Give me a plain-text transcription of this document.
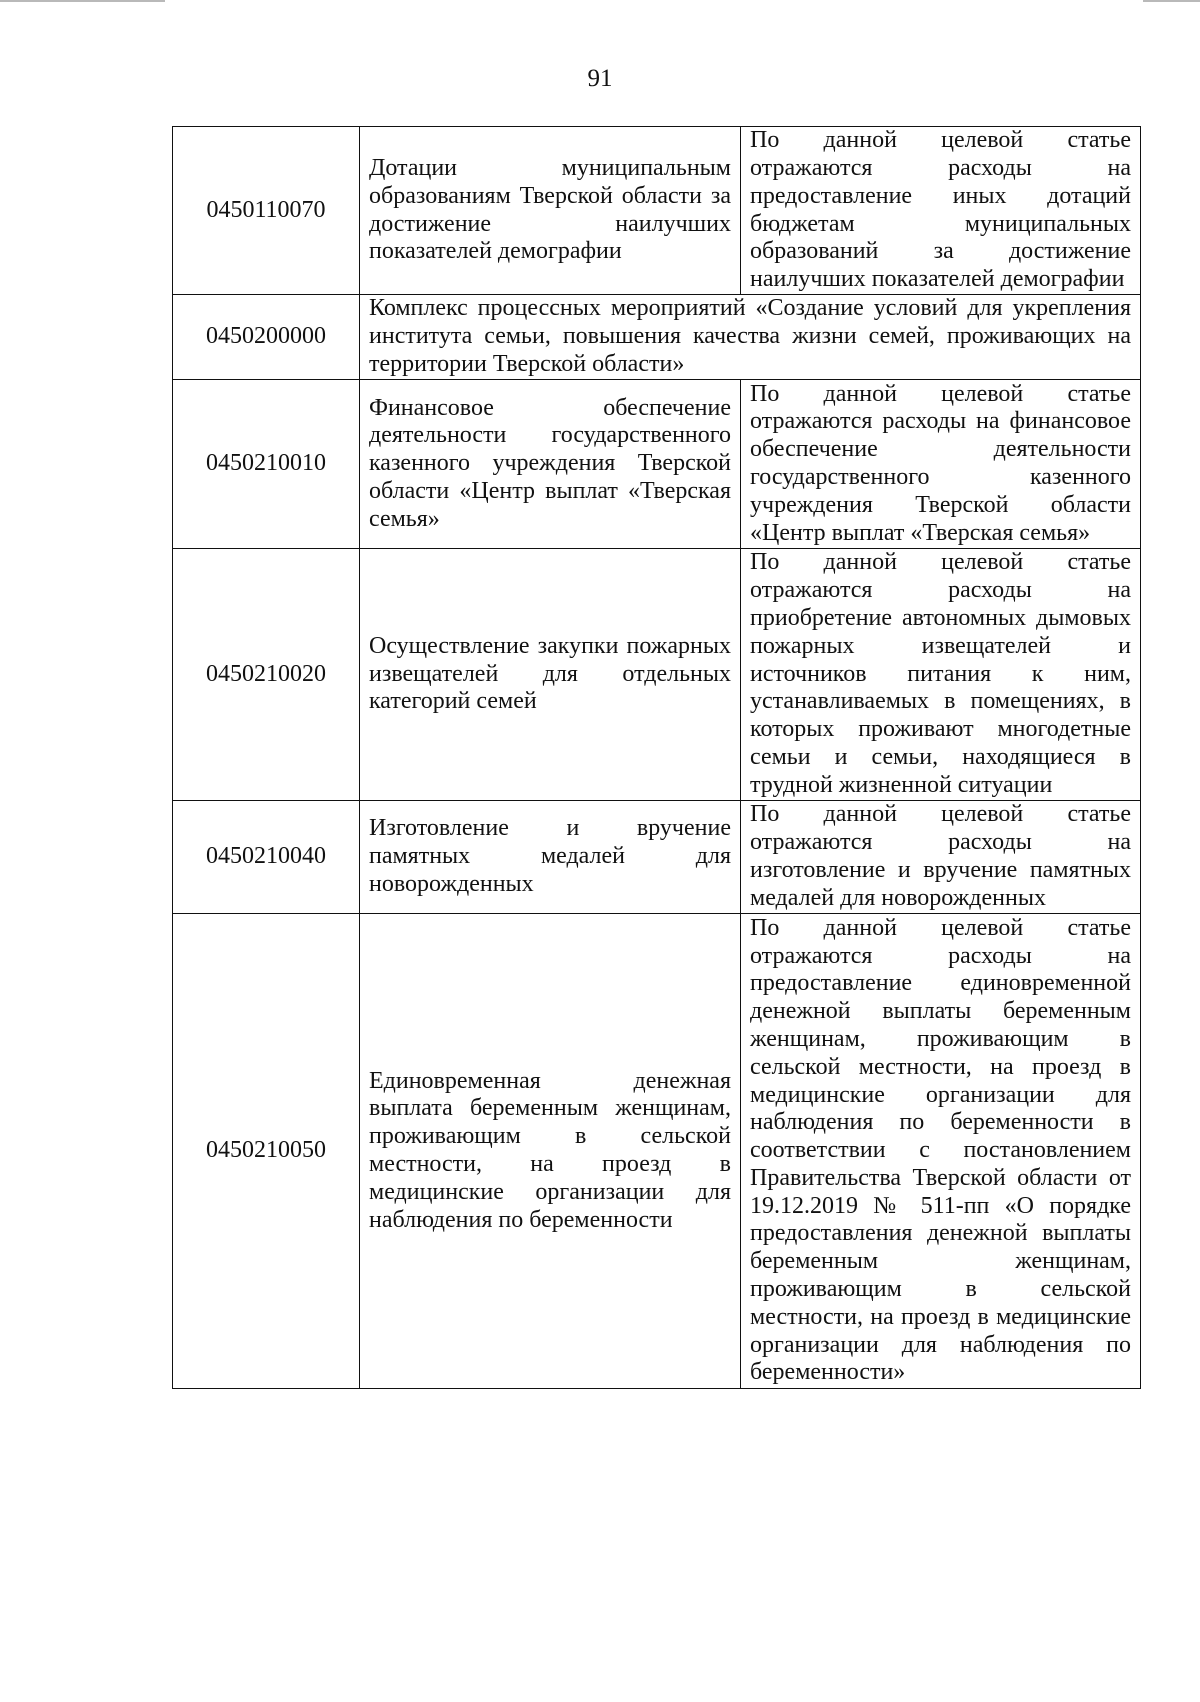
91
0450110070	Дотации муниципальным образованиям Тверской области за достижение наилучших показателей демографии	По данной целевой статье отражаются расходы на предоставление иных дотаций бюджетам муниципальных образований за достижение наилучших показателей демографии
0450200000	Комплекс процессных мероприятий «Создание условий для укрепления института семьи, повышения качества жизни семей, проживающих на территории Тверской области»	
0450210010	Финансовое обеспечение деятельности государственного казенного учреждения Тверской области «Центр выплат «Тверская семья»	По данной целевой статье отражаются расходы на финансовое обеспечение деятельности государственного казенного учреждения Тверской области «Центр выплат «Тверская семья»
0450210020	Осуществление закупки пожарных извещателей для отдельных категорий семей	По данной целевой статье отражаются расходы на приобретение автономных дымовых пожарных извещателей и источников питания к ним, устанавливаемых в помещениях, в которых проживают многодетные семьи и семьи, находящиеся в трудной жизненной ситуации
0450210040	Изготовление и вручение памятных медалей для новорожденных	По данной целевой статье отражаются расходы на изготовление и вручение памятных медалей для новорожденных
0450210050	Единовременная денежная выплата беременным женщинам, проживающим в сельской местности, на проезд в медицинские организации для наблюдения по беременности	По данной целевой статье отражаются расходы на предоставление единовременной денежной выплаты беременным женщинам, проживающим в сельской местности, на проезд в медицинские организации для наблюдения по беременности в соответствии с постановлением Правительства Тверской области от 19.12.2019 № 511-пп «О порядке предоставления денежной выплаты беременным женщинам, проживающим в сельской местности, на проезд в медицинские организации для наблюдения по беременности»
